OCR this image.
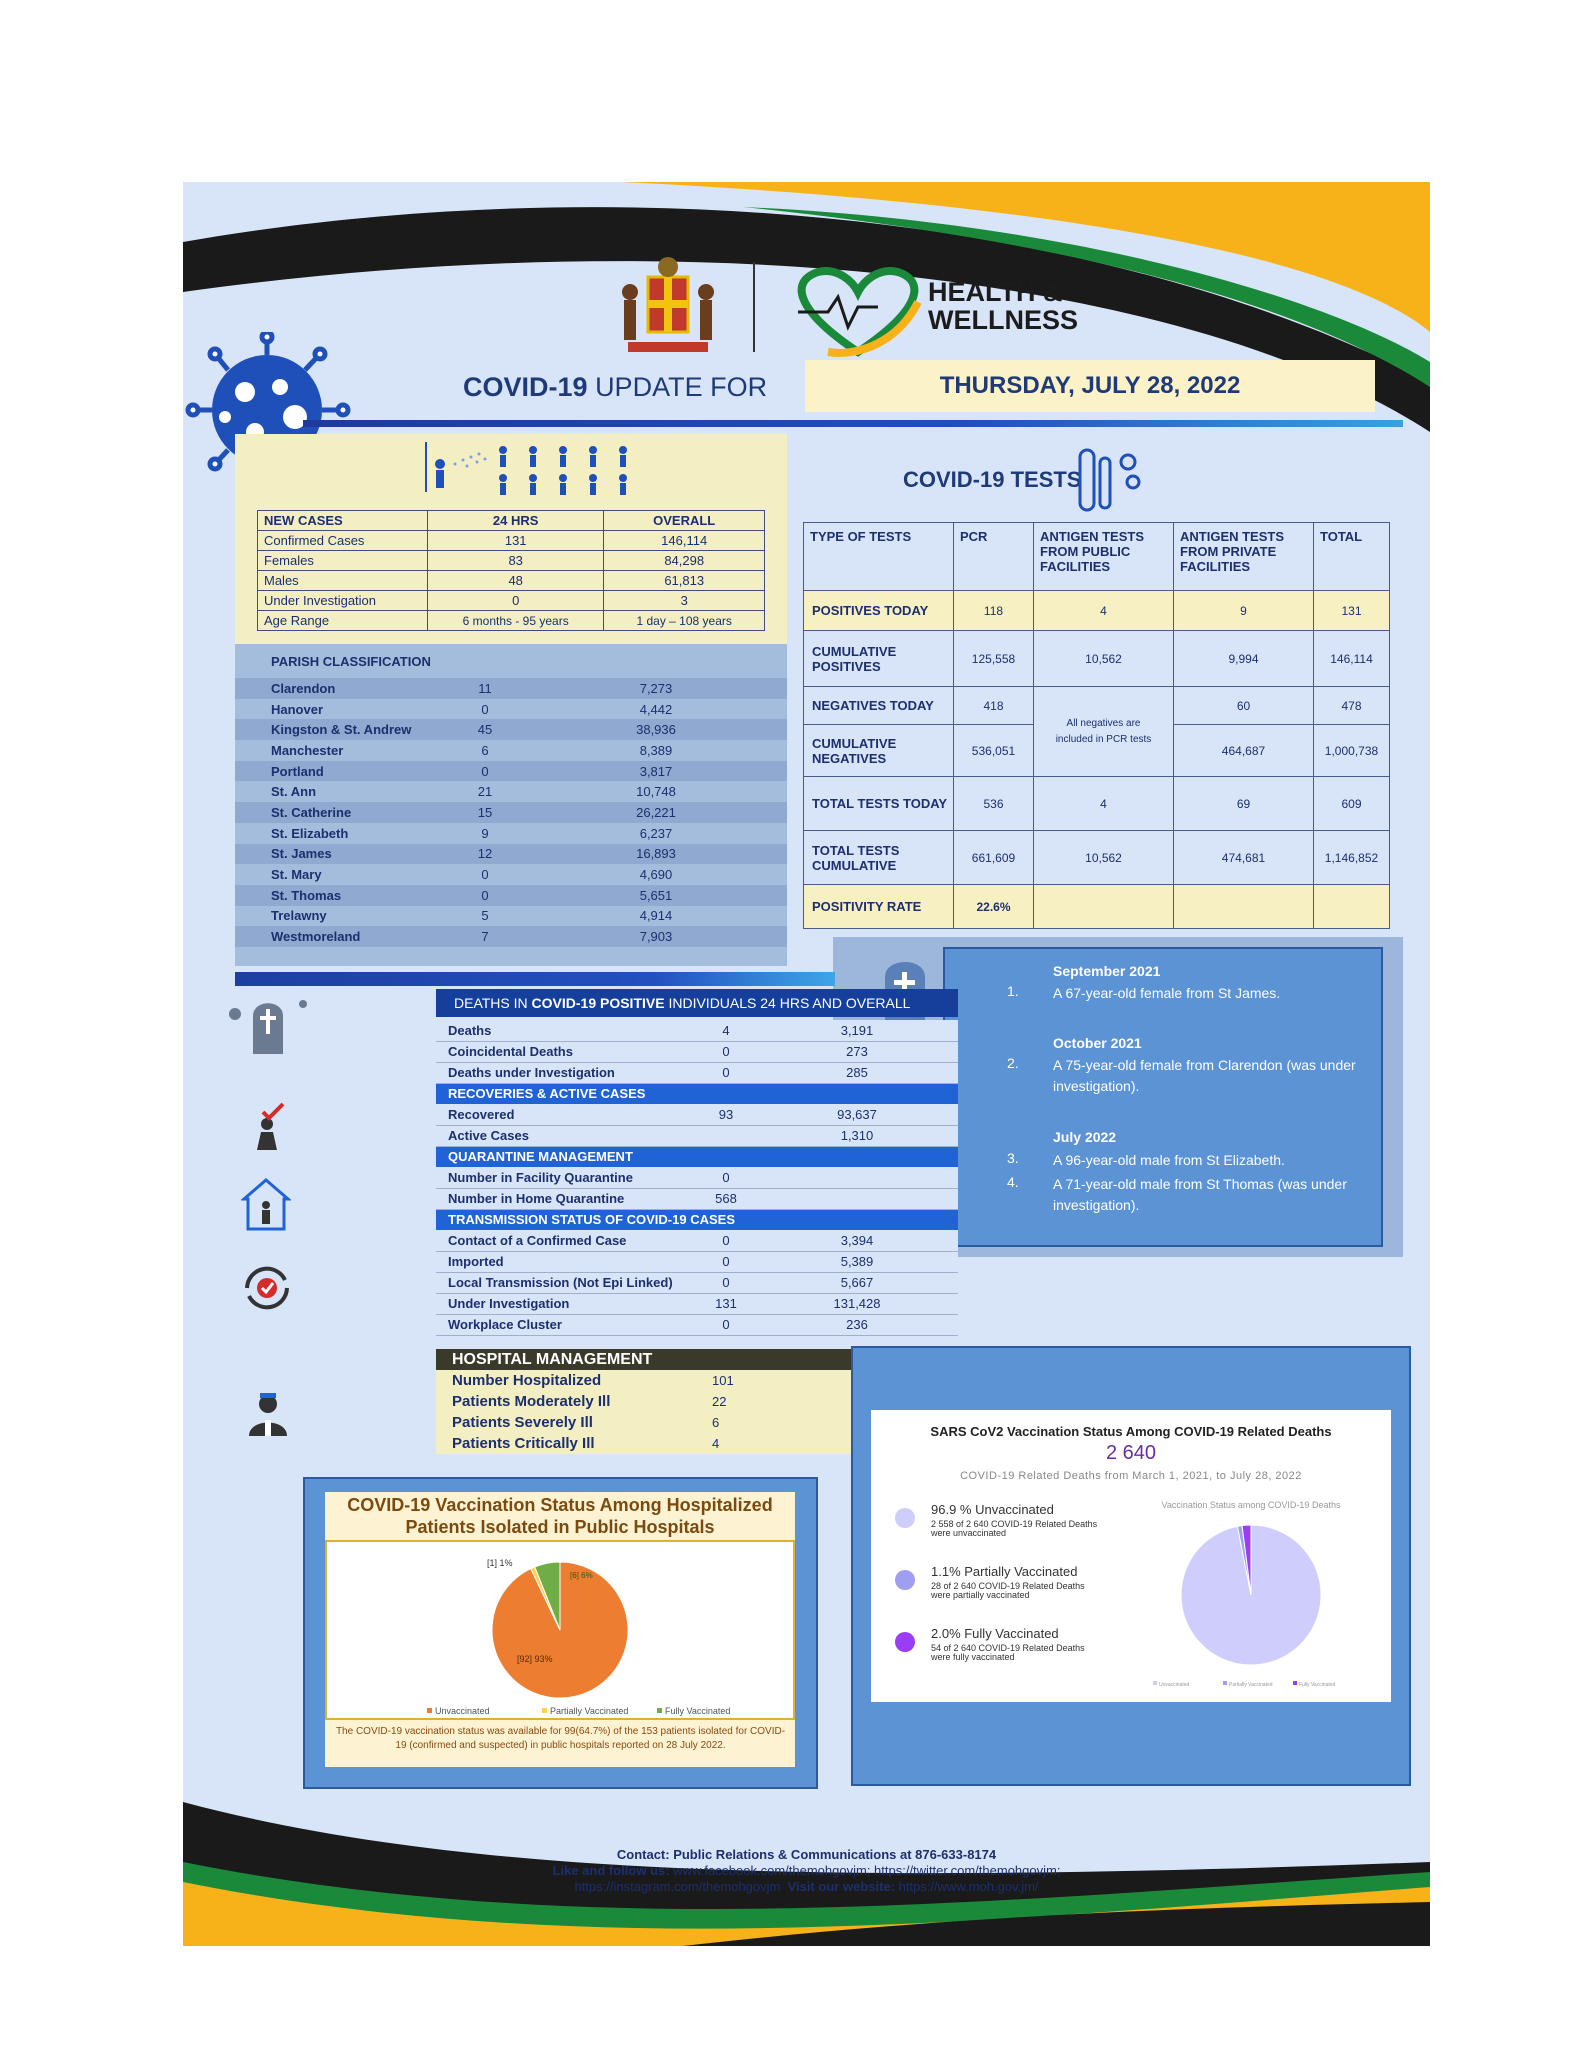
MINISTRY OF
HEALTH &
WELLNESS
COVID-19 UPDATE FOR	THURSDAY, JULY 28, 2022
NEW CASES	24 HRS	OVERALL
Confirmed Cases	131	146,114
Females	83	84,298
Males	48	61,813
Under Investigation	0	3
Age Range	6 months - 95 years	1 day – 108 years
PARISH CLASSIFICATION
Clarendon	11	7,273
Hanover	0	4,442
Kingston & St. Andrew	45	38,936
Manchester	6	8,389
Portland	0	3,817
St. Ann	21	10,748
St. Catherine	15	26,221
St. Elizabeth	9	6,237
St. James	12	16,893
St. Mary	0	4,690
St. Thomas	0	5,651
Trelawny	5	4,914
Westmoreland	7	7,903
COVID-19 TESTS
TYPE OF TESTS	PCR	ANTIGEN TESTS FROM PUBLIC FACILITIES	ANTIGEN TESTS FROM PRIVATE FACILITIES	TOTAL
POSITIVES TODAY	118	4	9	131
CUMULATIVE POSITIVES	125,558	10,562	9,994	146,114
NEGATIVES TODAY	418	All negatives are included in PCR tests	60	478
CUMULATIVE NEGATIVES	536,051		464,687	1,000,738
TOTAL TESTS TODAY	536	4	69	609
TOTAL TESTS CUMULATIVE	661,609	10,562	474,681	1,146,852
POSITIVITY RATE	22.6%			
September 2021
1. A 67-year-old female from St James.
October 2021
2. A 75-year-old female from Clarendon (was under investigation).
July 2022
3. A 96-year-old male from St Elizabeth.
4. A 71-year-old male from St Thomas (was under investigation).
DEATHS IN COVID-19 POSITIVE INDIVIDUALS 24 HRS AND OVERALL
Deaths	4	3,191
Coincidental Deaths	0	273
Deaths under Investigation	0	285
RECOVERIES & ACTIVE CASES		
Recovered	93	93,637
Active Cases		1,310
QUARANTINE MANAGEMENT		
Number in Facility Quarantine	0	
Number in Home Quarantine	568	
TRANSMISSION STATUS OF COVID-19 CASES		
Contact of a Confirmed Case	0	3,394
Imported	0	5,389
Local Transmission (Not Epi Linked)	0	5,667
Under Investigation	131	131,428
Workplace Cluster	0	236
HOSPITAL MANAGEMENT	
Number Hospitalized	101
Patients Moderately Ill	22
Patients Severely Ill	6
Patients Critically Ill	4
COVID-19 Vaccination Status Among Hospitalized Patients Isolated in Public Hospitals
[92] 93%
[1] 1%
[6] 6%
Unvaccinated	Partially Vaccinated	Fully Vaccinated
The COVID-19 vaccination status was available for 99(64.7%) of the 153 patients isolated for COVID-19 (confirmed and suspected) in public hospitals reported on 28 July 2022.
SARS CoV2 Vaccination Status Among COVID-19 Related Deaths
2 640
COVID-19 Related Deaths from March 1, 2021, to July 28, 2022
96.9 % Unvaccinated
2 558 of 2 640 COVID-19 Related Deaths were unvaccinated
1.1% Partially Vaccinated
28 of 2 640 COVID-19 Related Deaths were partially vaccinated
2.0% Fully Vaccinated
54 of 2 640 COVID-19 Related Deaths were fully vaccinated
Vaccination Status among COVID-19 Deaths
Unvaccinated	Partially Vaccinated	Fully Vaccinated
Contact: Public Relations & Communications at 876-633-8174
Like and follow us: www.facebook.com/themohgovjm; https://twitter.com/themohgovjm;
https://instagram.com/themohgovjm Visit our website: https://www.moh.gov.jm/
